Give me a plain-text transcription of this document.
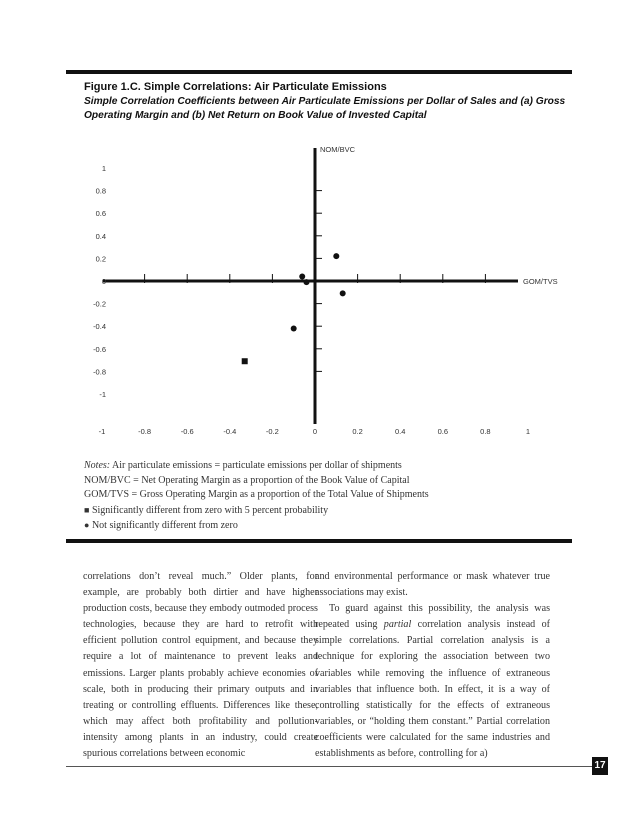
Figure 1.C. Simple Correlations: Air Particulate Emissions
Simple Correlation Coefficients between Air Particulate Emissions per Dollar of Sales and (a) Gross Operating Margin and (b) Net Return on Book Value of Invested Capital
-1	-0.8	-0.6	-0.4	-0.2	0	0.2	0.4	0.6	0.8	1
1
0.8
0.6
0.4
0.2
0
-0.2
-0.4
-0.6
-0.8
-1
GOM/TVS
NOM/BVC
Notes: Air particulate emissions = particulate emissions per dollar of shipments
NOM/BVC = Net Operating Margin as a proportion of the Book Value of Capital
GOM/TVS = Gross Operating Margin as a proportion of the Total Value of Shipments
■ Significantly different from zero with 5 percent probability
● Not significantly different from zero

correlations don’t reveal much.” Older plants, for example, are probably both dirtier and have higher production costs, because they embody outmoded process technologies, because they are hard to retrofit with efficient pollution control equipment, and because they require a lot of maintenance to prevent leaks and emissions. Larger plants probably achieve economies of scale, both in producing their primary outputs and in treating or controlling effluents. Differences like these, which may affect both profitability and pollution-intensity among plants in an industry, could create spurious correlations between economic

and environmental performance or mask whatever true associations may exist.

To guard against this possibility, the analysis was repeated using partial correlation analysis instead of simple correlations. Partial correlation analysis is a technique for exploring the association between two variables while removing the influence of extraneous variables that influence both. In effect, it is a way of controlling statistically for the effects of extraneous variables, or “holding them constant.” Partial correlation coefficients were calculated for the same industries and establishments as before, controlling for a)

17
